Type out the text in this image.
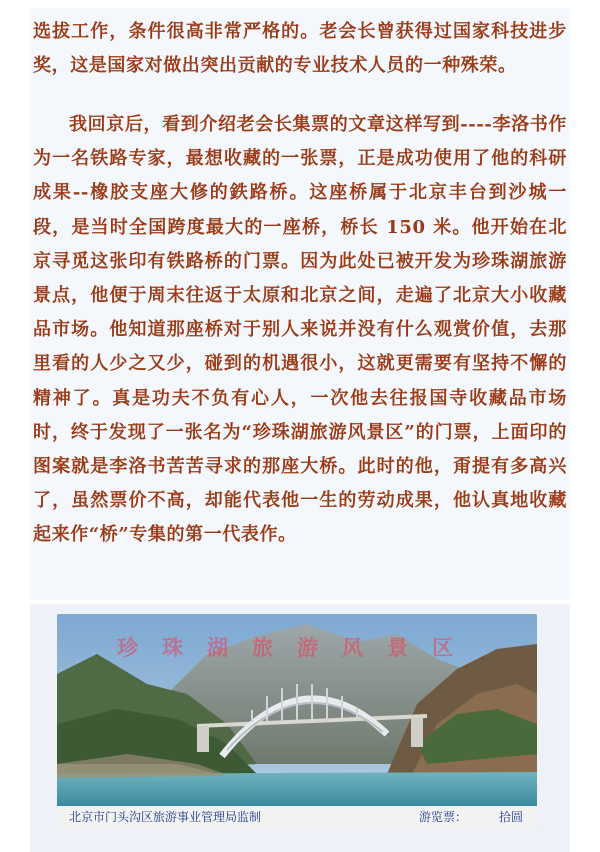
选拔工作，条件很高非常严格的。老会长曾获得过国家科技进步奖，这是国家对做出突出贡献的专业技术人员的一种殊荣。

我回京后，看到介绍老会长集票的文章这样写到----李洛书作为一名铁路专家，最想收藏的一张票，正是成功使用了他的科研成果--橡胶支座大修的鉄路桥。这座桥属于北京丰台到沙城一段，是当时全国跨度最大的一座桥，桥长 150 米。他开始在北京寻觅这张印有铁路桥的门票。因为此处已被开发为珍珠湖旅游景点，他便于周末往返于太原和北京之间，走遍了北京大小收藏品市场。他知道那座桥对于别人来说并没有什么观赏价值，去那里看的人少之又少，碰到的机遇很小，这就更需要有坚持不懈的精神了。真是功夫不负有心人，一次他去往报国寺收藏品市场时，终于发现了一张名为“珍珠湖旅游风景区”的门票，上面印的图案就是李洛书苦苦寻求的那座大桥。此时的他，甭提有多高兴了，虽然票价不高，却能代表他一生的劳动成果，他认真地收藏起来作“桥”专集的第一代表作。

珍珠湖旅游风景区
北京市门头沟区旅游事业管理局监制	游览票：	拾圆
